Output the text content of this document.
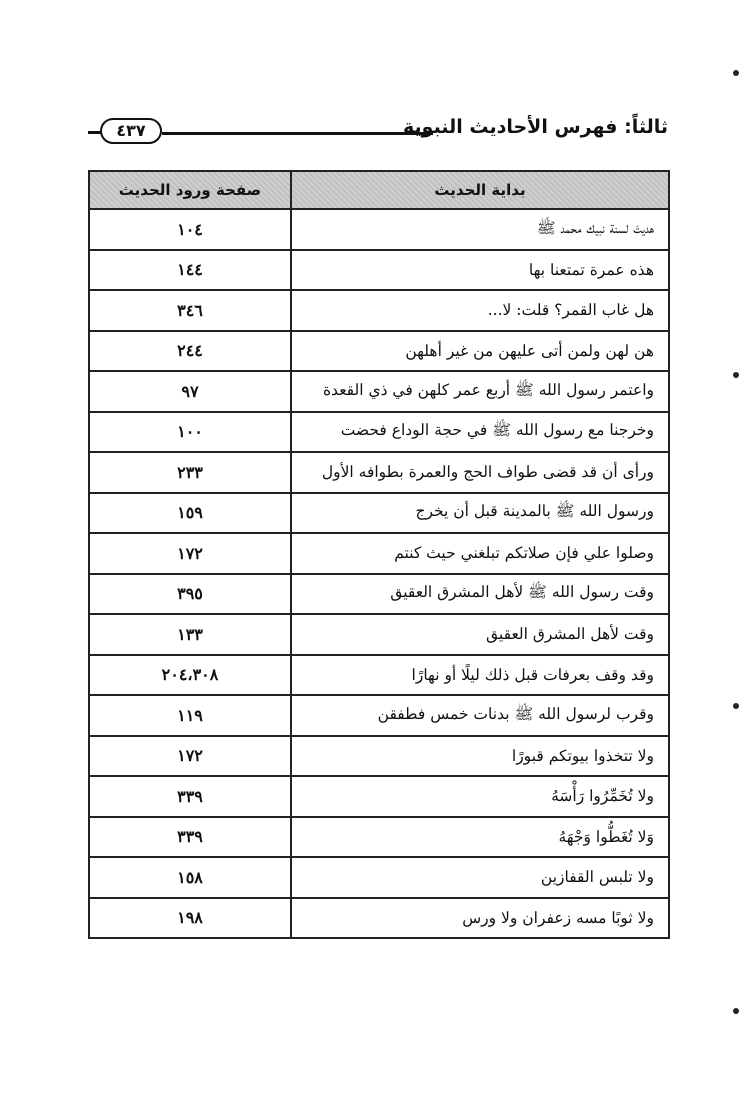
ثالثاً: فهرس الأحاديث النبوية
٤٣٧
بداية الحديث	صفحة ورود الحديث
هديتَ لسنة نبيك محمد ﷺ	١٠٤
هذه عمرة تمتعنا بها	١٤٤
هل غاب القمر؟ قلت: لا...	٣٤٦
هن لهن ولمن أتى عليهن من غير أهلهن	٢٤٤
واعتمر رسول الله ﷺ أربع عمر كلهن في ذي القعدة	٩٧
وخرجنا مع رسول الله ﷺ في حجة الوداع فحضت	١٠٠
ورأى أن قد قضى طواف الحج والعمرة بطوافه الأول	٢٣٣
ورسول الله ﷺ بالمدينة قبل أن يخرج	١٥٩
وصلوا علي فإن صلاتكم تبلغني حيث كنتم	١٧٢
وقت رسول الله ﷺ لأهل المشرق العقيق	٣٩٥
وقت لأهل المشرق العقيق	١٣٣
وقد وقف بعرفات قبل ذلك ليلًا أو نهارًا	٢٠٤،٣٠٨
وقرب لرسول الله ﷺ بدنات خمس فطفقن	١١٩
ولا تتخذوا بيوتكم قبورًا	١٧٢
ولا تُخَمِّرُوا رَأْسَهُ	٣٣٩
وَلا تُغَطُّوا وَجْهَهُ	٣٣٩
ولا تلبس القفازين	١٥٨
ولا ثوبًا مسه زعفران ولا ورس	١٩٨
